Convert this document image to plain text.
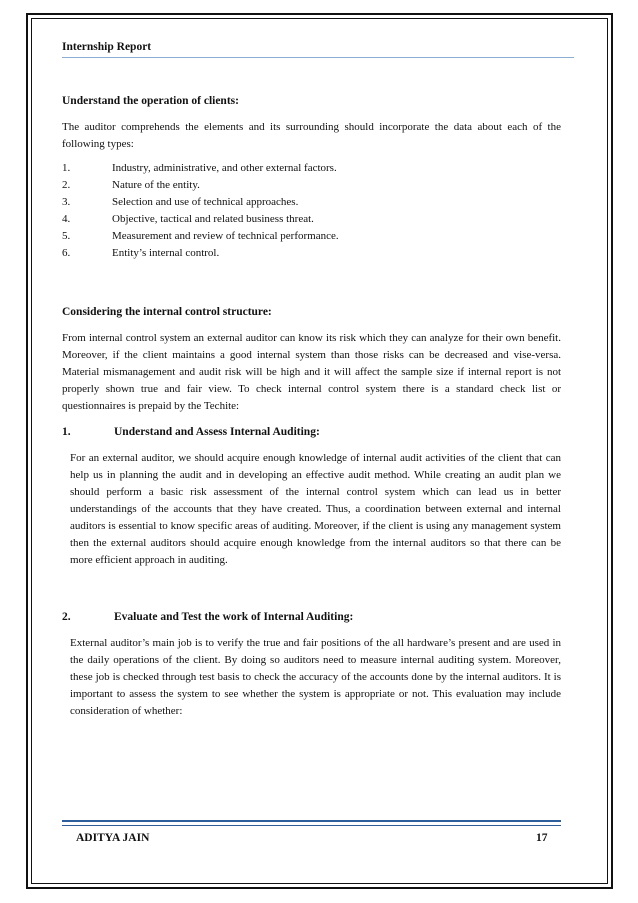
Internship Report

Understand the operation of clients:

The auditor comprehends the elements and its surrounding should incorporate the data about each of the following types:

1.	Industry, administrative, and other external factors.
2.	Nature of the entity.
3.	Selection and use of technical approaches.
4.	Objective, tactical and related business threat.
5.	Measurement and review of technical performance.
6.	Entity’s internal control.

Considering the internal control structure:

From internal control system an external auditor can know its risk which they can analyze for their own benefit. Moreover, if the client maintains a good internal system than those risks can be decreased and vise-versa. Material mismanagement and audit risk will be high and it will affect the sample size if internal report is not properly shown true and fair view. To check internal control system there is a standard check list or questionnaires is prepaid by the Techite:

1.	Understand and Assess Internal Auditing:

For an external auditor, we should acquire enough knowledge of internal audit activities of the client that can help us in planning the audit and in developing an effective audit method. While creating an audit plan we should perform a basic risk assessment of the internal control system which can lead us in better understandings of the accounts that they have created. Thus, a coordination between external and internal auditors is essential to know specific areas of auditing. Moreover, if the client is using any management system then the external auditors should acquire enough knowledge from the internal auditors so that there can be more efficient approach in auditing.

2.	Evaluate and Test the work of Internal Auditing:

External auditor’s main job is to verify the true and fair positions of the all hardware’s present and are used in the daily operations of the client. By doing so auditors need to measure internal auditing system. Moreover, these job is checked through test basis to check the accuracy of the accounts done by the internal auditors. It is important to assess the system to see whether the system is appropriate or not. This evaluation may include consideration of whether:

ADITYA JAIN	17
